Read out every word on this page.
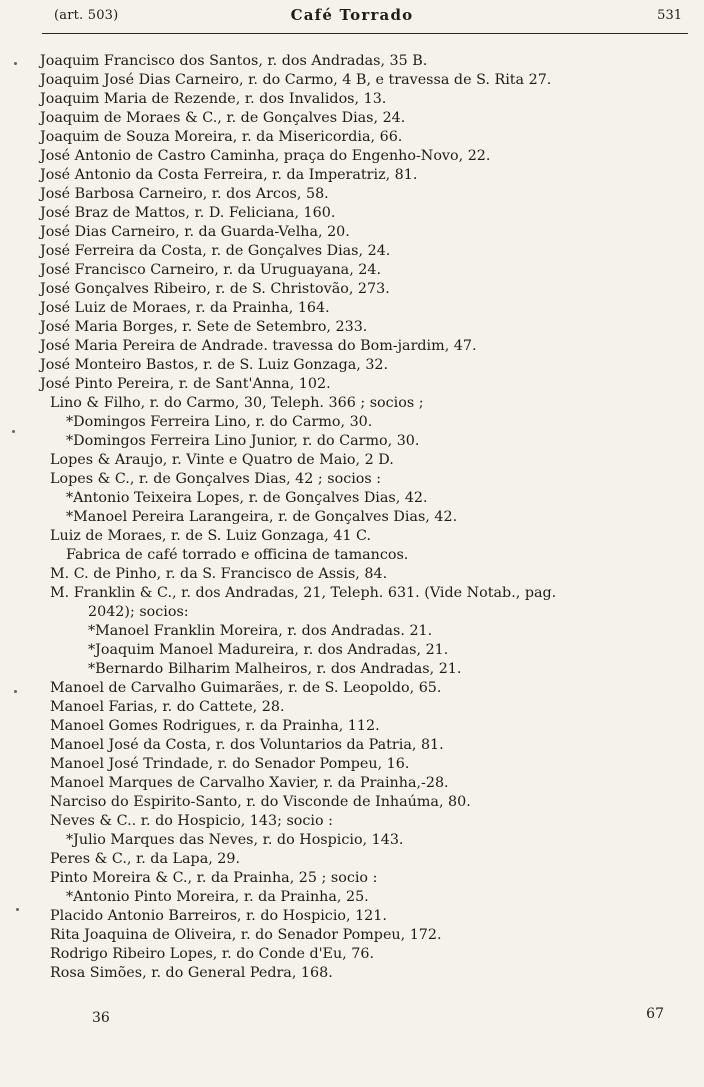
(art. 503)	Café Torrado	531
Joaquim Francisco dos Santos, r. dos Andradas, 35 B.
Joaquim José Dias Carneiro, r. do Carmo, 4 B, e travessa de S. Rita 27.
Joaquim Maria de Rezende, r. dos Invalidos, 13.
Joaquim de Moraes & C., r. de Gonçalves Dias, 24.
Joaquim de Souza Moreira, r. da Misericordia, 66.
José Antonio de Castro Caminha, praça do Engenho-Novo, 22.
José Antonio da Costa Ferreira, r. da Imperatriz, 81.
José Barbosa Carneiro, r. dos Arcos, 58.
José Braz de Mattos, r. D. Feliciana, 160.
José Dias Carneiro, r. da Guarda-Velha, 20.
José Ferreira da Costa, r. de Gonçalves Dias, 24.
José Francisco Carneiro, r. da Uruguayana, 24.
José Gonçalves Ribeiro, r. de S. Christovão, 273.
José Luiz de Moraes, r. da Prainha, 164.
José Maria Borges, r. Sete de Setembro, 233.
José Maria Pereira de Andrade. travessa do Bom-jardim, 47.
José Monteiro Bastos, r. de S. Luiz Gonzaga, 32.
José Pinto Pereira, r. de Sant'Anna, 102.
Lino & Filho, r. do Carmo, 30, Teleph. 366 ; socios ;
*Domingos Ferreira Lino, r. do Carmo, 30.
*Domingos Ferreira Lino Junior, r. do Carmo, 30.
Lopes & Araujo, r. Vinte e Quatro de Maio, 2 D.
Lopes & C., r. de Gonçalves Dias, 42 ; socios :
*Antonio Teixeira Lopes, r. de Gonçalves Dias, 42.
*Manoel Pereira Larangeira, r. de Gonçalves Dias, 42.
Luiz de Moraes, r. de S. Luiz Gonzaga, 41 C.
Fabrica de café torrado e officina de tamancos.
M. C. de Pinho, r. da S. Francisco de Assis, 84.
M. Franklin & C., r. dos Andradas, 21, Teleph. 631. (Vide Notab., pag.
2042); socios:
*Manoel Franklin Moreira, r. dos Andradas. 21.
*Joaquim Manoel Madureira, r. dos Andradas, 21.
*Bernardo Bilharim Malheiros, r. dos Andradas, 21.
Manoel de Carvalho Guimarães, r. de S. Leopoldo, 65.
Manoel Farias, r. do Cattete, 28.
Manoel Gomes Rodrigues, r. da Prainha, 112.
Manoel José da Costa, r. dos Voluntarios da Patria, 81.
Manoel José Trindade, r. do Senador Pompeu, 16.
Manoel Marques de Carvalho Xavier, r. da Prainha,-28.
Narciso do Espirito-Santo, r. do Visconde de Inhaúma, 80.
Neves & C.. r. do Hospicio, 143; socio :
*Julio Marques das Neves, r. do Hospicio, 143.
Peres & C., r. da Lapa, 29.
Pinto Moreira & C., r. da Prainha, 25 ; socio :
*Antonio Pinto Moreira, r. da Prainha, 25.
Placido Antonio Barreiros, r. do Hospicio, 121.
Rita Joaquina de Oliveira, r. do Senador Pompeu, 172.
Rodrigo Ribeiro Lopes, r. do Conde d'Eu, 76.
Rosa Simões, r. do General Pedra, 168.
36	67
